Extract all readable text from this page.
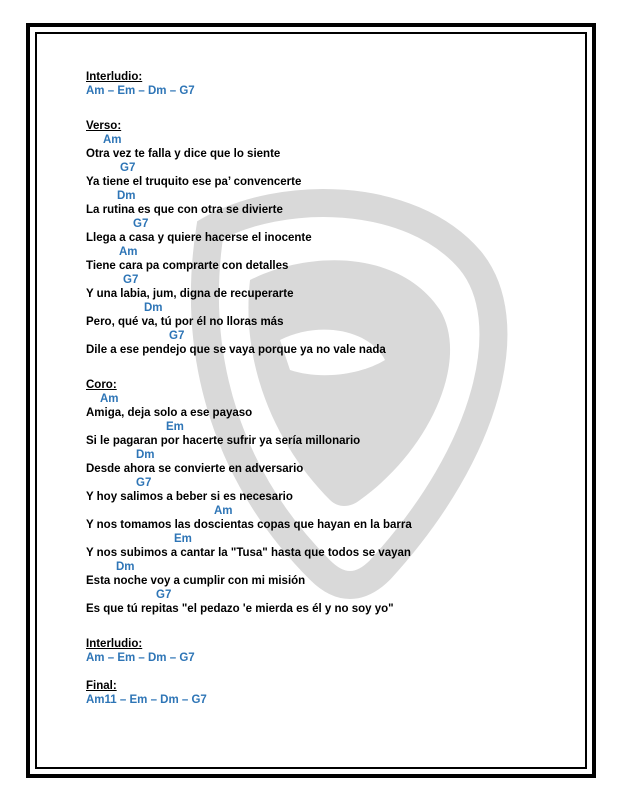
Interludio:
Am – Em – Dm – G7
Verso:
Am
Otra vez te falla y dice que lo siente
G7
Ya tiene el truquito ese pa’ convencerte
Dm
La rutina es que con otra se divierte
G7
Llega a casa y quiere hacerse el inocente
Am
Tiene cara pa comprarte con detalles
G7
Y una labia, jum, digna de recuperarte
Dm
Pero, qué va, tú por él no lloras más
G7
Dile a ese pendejo que se vaya porque ya no vale nada
Coro:
Am
Amiga, deja solo a ese payaso
Em
Si le pagaran por hacerte sufrir ya sería millonario
Dm
Desde ahora se convierte en adversario
G7
Y hoy salimos a beber si es necesario
Am
Y nos tomamos las doscientas copas que hayan en la barra
Em
Y nos subimos a cantar la "Tusa" hasta que todos se vayan
Dm
Esta noche voy a cumplir con mi misión
G7
Es que tú repitas "el pedazo 'e mierda es él y no soy yo"
Interludio:
Am – Em – Dm – G7
Final:
Am11 – Em – Dm – G7
